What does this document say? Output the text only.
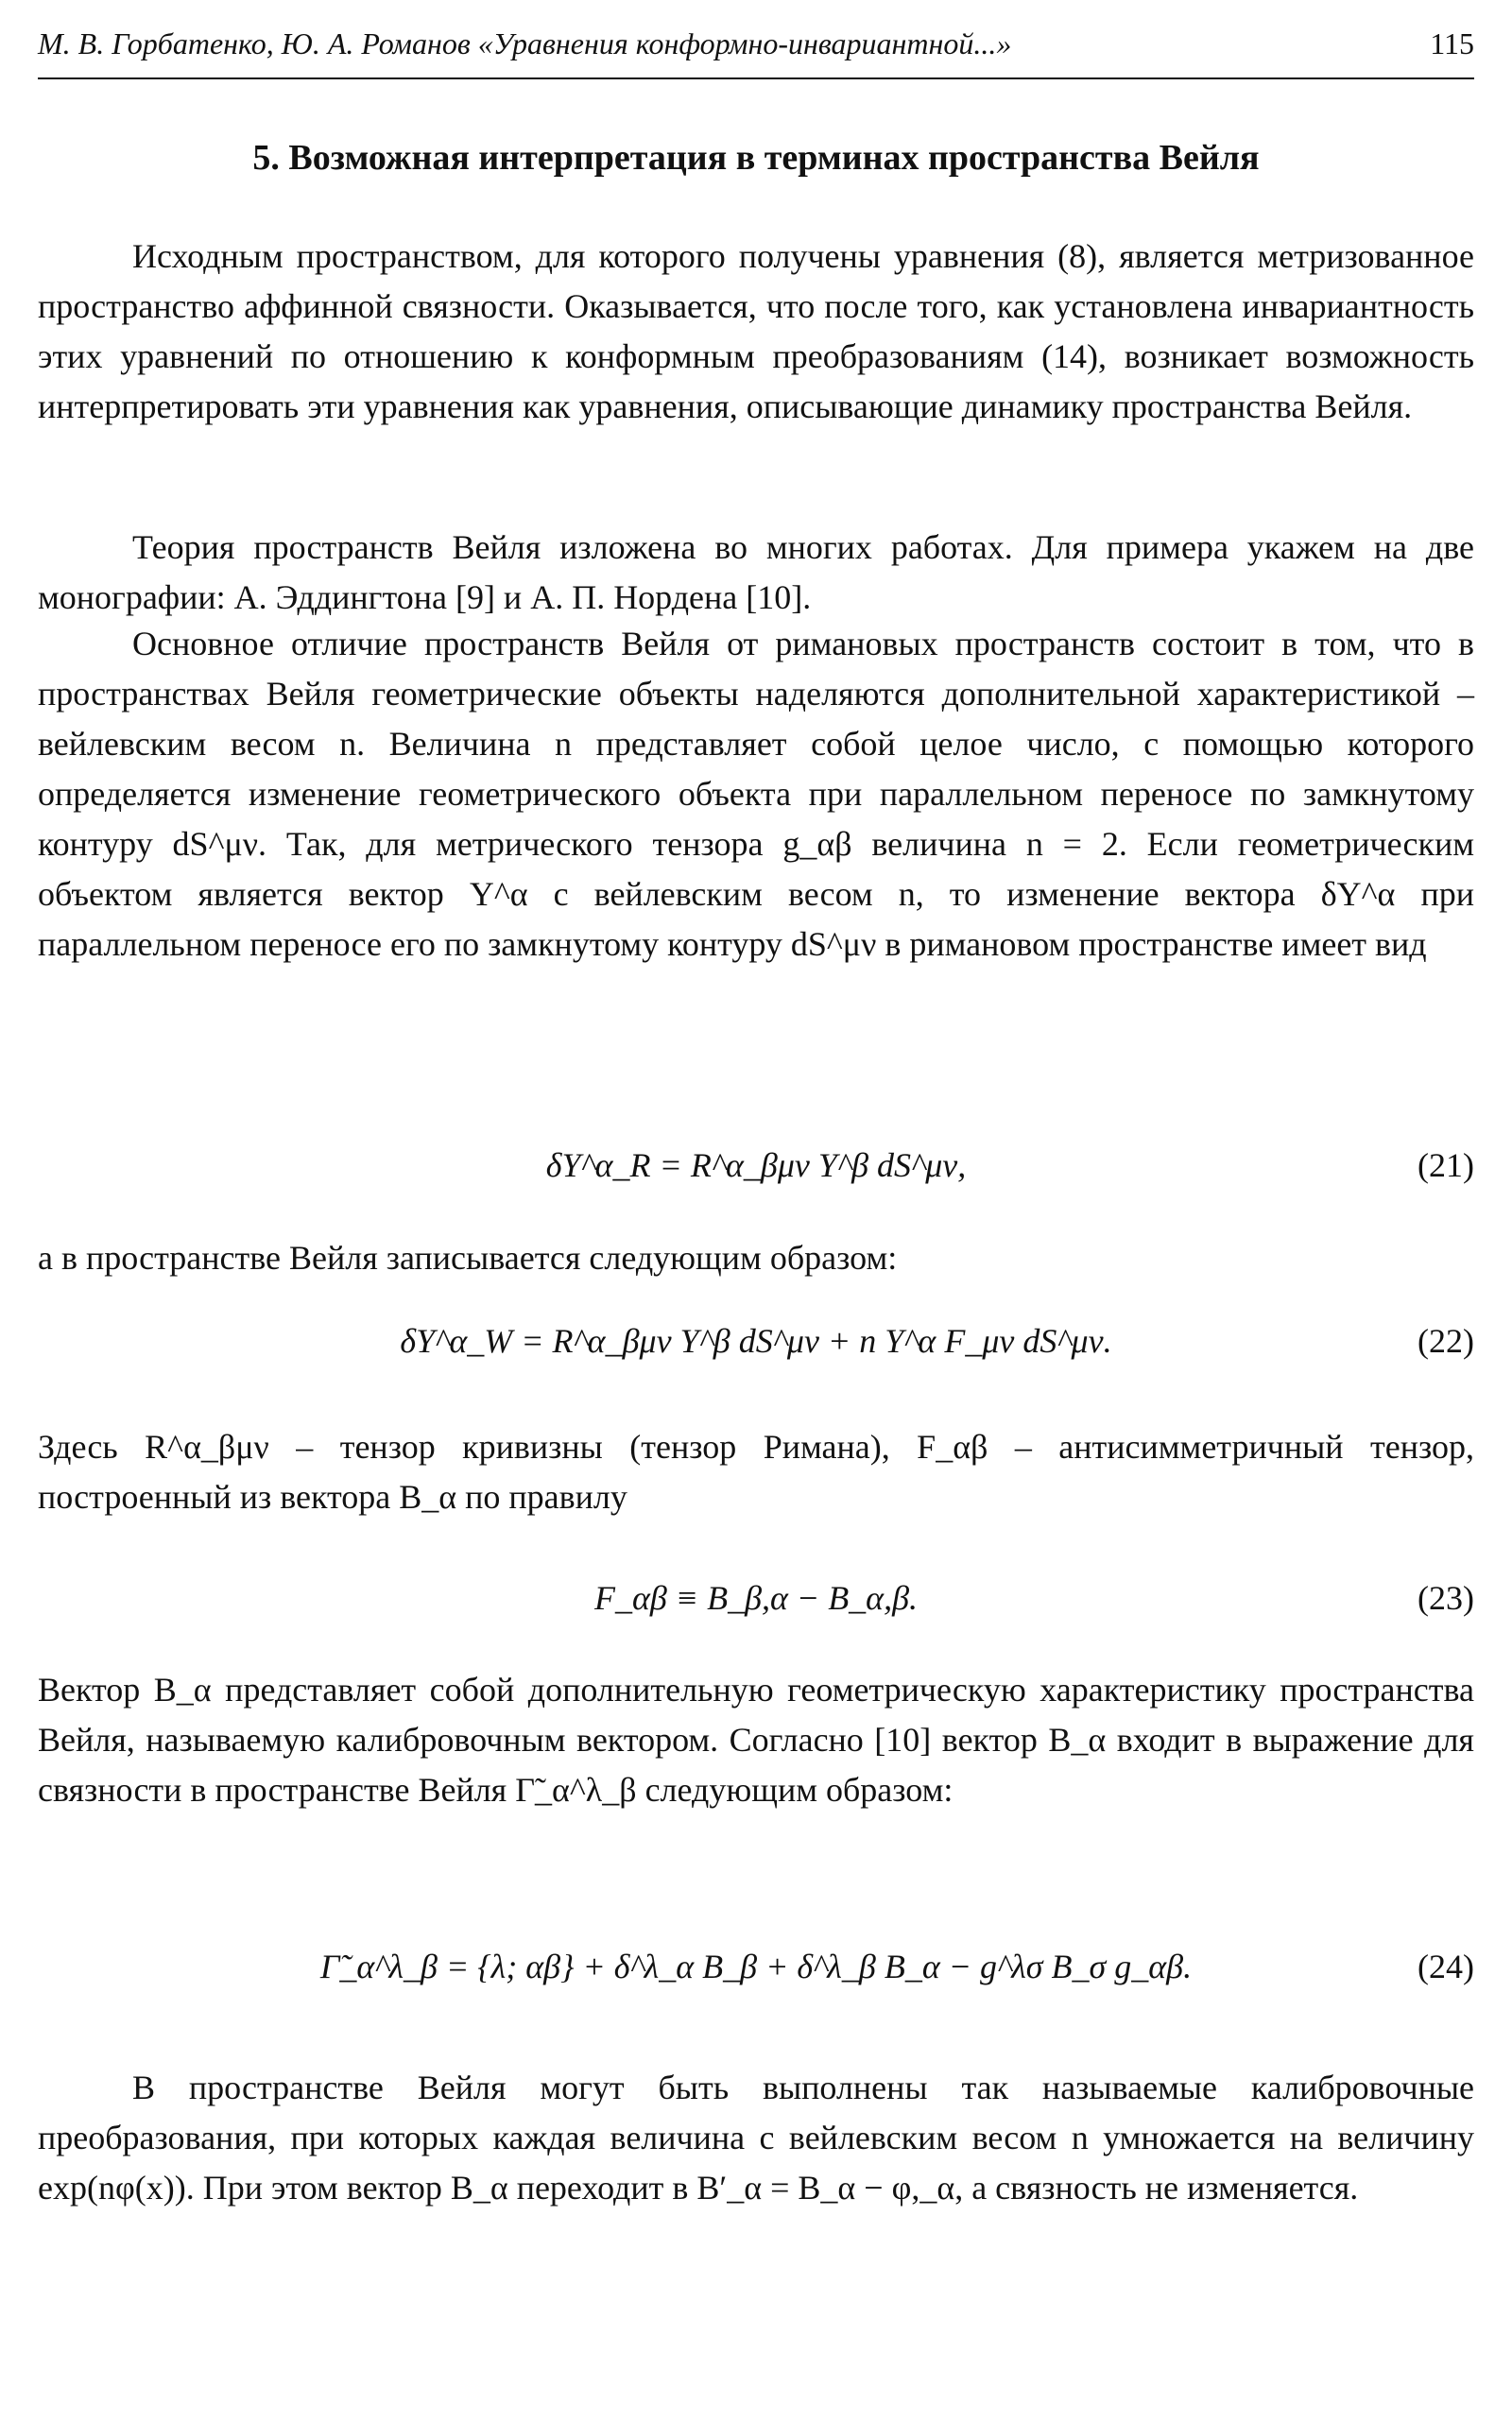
М. В. Горбатенко, Ю. А. Романов «Уравнения конформно-инвариантной...»	115
5. Возможная интерпретация в терминах пространства Вейля
Исходным пространством, для которого получены уравнения (8), является метризованное пространство аффинной связности. Оказывается, что после того, как установлена инвариантность этих уравнений по отношению к конформным преобразованиям (14), возникает возможность интерпретировать эти уравнения как уравнения, описывающие динамику пространства Вейля.
Теория пространств Вейля изложена во многих работах. Для примера укажем на две монографии: А. Эддингтона [9] и А. П. Нордена [10].
Основное отличие пространств Вейля от римановых пространств состоит в том, что в пространствах Вейля геометрические объекты наделяются дополнительной характеристикой – вейлевским весом n. Величина n представляет собой целое число, с помощью которого определяется изменение геометрического объекта при параллельном переносе по замкнутому контуру dS^μν. Так, для метрического тензора g_αβ величина n = 2. Если геометрическим объектом является вектор Y^α с вейлевским весом n, то изменение вектора δY^α при параллельном переносе его по замкнутому контуру dS^μν в римановом пространстве имеет вид
δY^α_R = R^α_βμν Y^β dS^μν,	(21)
а в пространстве Вейля записывается следующим образом:
δY^α_W = R^α_βμν Y^β dS^μν + n Y^α F_μν dS^μν.	(22)
Здесь R^α_βμν – тензор кривизны (тензор Римана), F_αβ – антисимметричный тензор, построенный из вектора B_α по правилу
F_αβ ≡ B_β,α − B_α,β.	(23)
Вектор B_α представляет собой дополнительную геометрическую характеристику пространства Вейля, называемую калибровочным вектором. Согласно [10] вектор B_α входит в выражение для связности в пространстве Вейля Γ̃_α^λ_β следующим образом:
Γ̃_α^λ_β = {λ; αβ} + δ^λ_α B_β + δ^λ_β B_α − g^λσ B_σ g_αβ.	(24)
В пространстве Вейля могут быть выполнены так называемые калибровочные преобразования, при которых каждая величина с вейлевским весом n умножается на величину exp(nφ(x)). При этом вектор B_α переходит в B′_α = B_α − φ,_α, а связность не изменяется.
